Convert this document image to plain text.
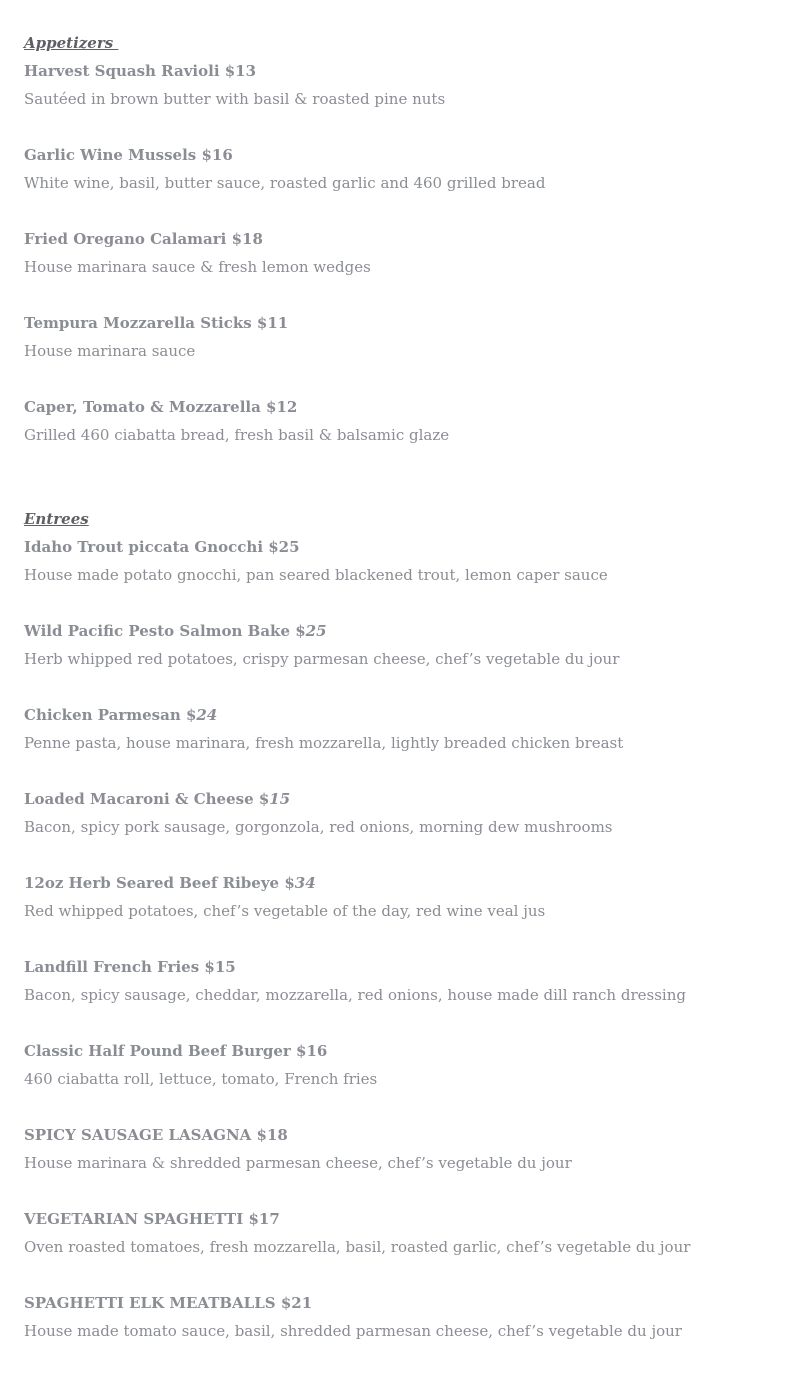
Appetizers
Harvest Squash Ravioli $13
Sautéed in brown butter with basil & roasted pine nuts
Garlic Wine Mussels $16
White wine, basil, butter sauce, roasted garlic and 460 grilled bread
Fried Oregano Calamari $18
House marinara sauce & fresh lemon wedges
Tempura Mozzarella Sticks $11
House marinara sauce
Caper, Tomato & Mozzarella $12
Grilled 460 ciabatta bread, fresh basil & balsamic glaze
Entrees
Idaho Trout piccata Gnocchi $25
House made potato gnocchi, pan seared blackened trout, lemon caper sauce
Wild Pacific Pesto Salmon Bake $25
Herb whipped red potatoes, crispy parmesan cheese, chef’s vegetable du jour
Chicken Parmesan $24
Penne pasta, house marinara, fresh mozzarella, lightly breaded chicken breast
Loaded Macaroni & Cheese $15
Bacon, spicy pork sausage, gorgonzola, red onions, morning dew mushrooms
12oz Herb Seared Beef Ribeye $34
Red whipped potatoes, chef’s vegetable of the day, red wine veal jus
Landfill French Fries $15
Bacon, spicy sausage, cheddar, mozzarella, red onions, house made dill ranch dressing
Classic Half Pound Beef Burger $16
460 ciabatta roll, lettuce, tomato, French fries
SPICY SAUSAGE LASAGNA $18
House marinara & shredded parmesan cheese, chef’s vegetable du jour
VEGETARIAN SPAGHETTI $17
Oven roasted tomatoes, fresh mozzarella, basil, roasted garlic, chef’s vegetable du jour
SPAGHETTI ELK MEATBALLS $21
House made tomato sauce, basil, shredded parmesan cheese, chef’s vegetable du jour
